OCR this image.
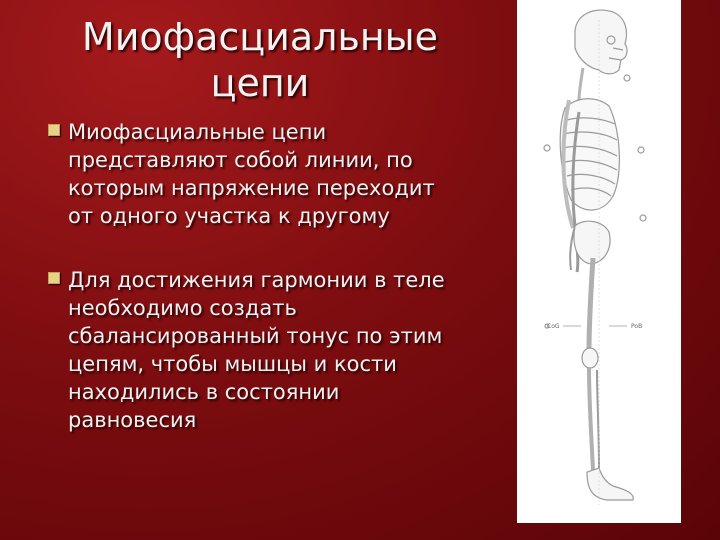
Миофасциальные цепи
Миофасциальные цепи представляют собой линии, по которым напряжение переходит от одного участка к другому
Для достижения гармонии в теле необходимо создать сбалансированный тонус по этим цепям, чтобы мышцы и кости находились в состоянии равновесия
CoG	PoB
